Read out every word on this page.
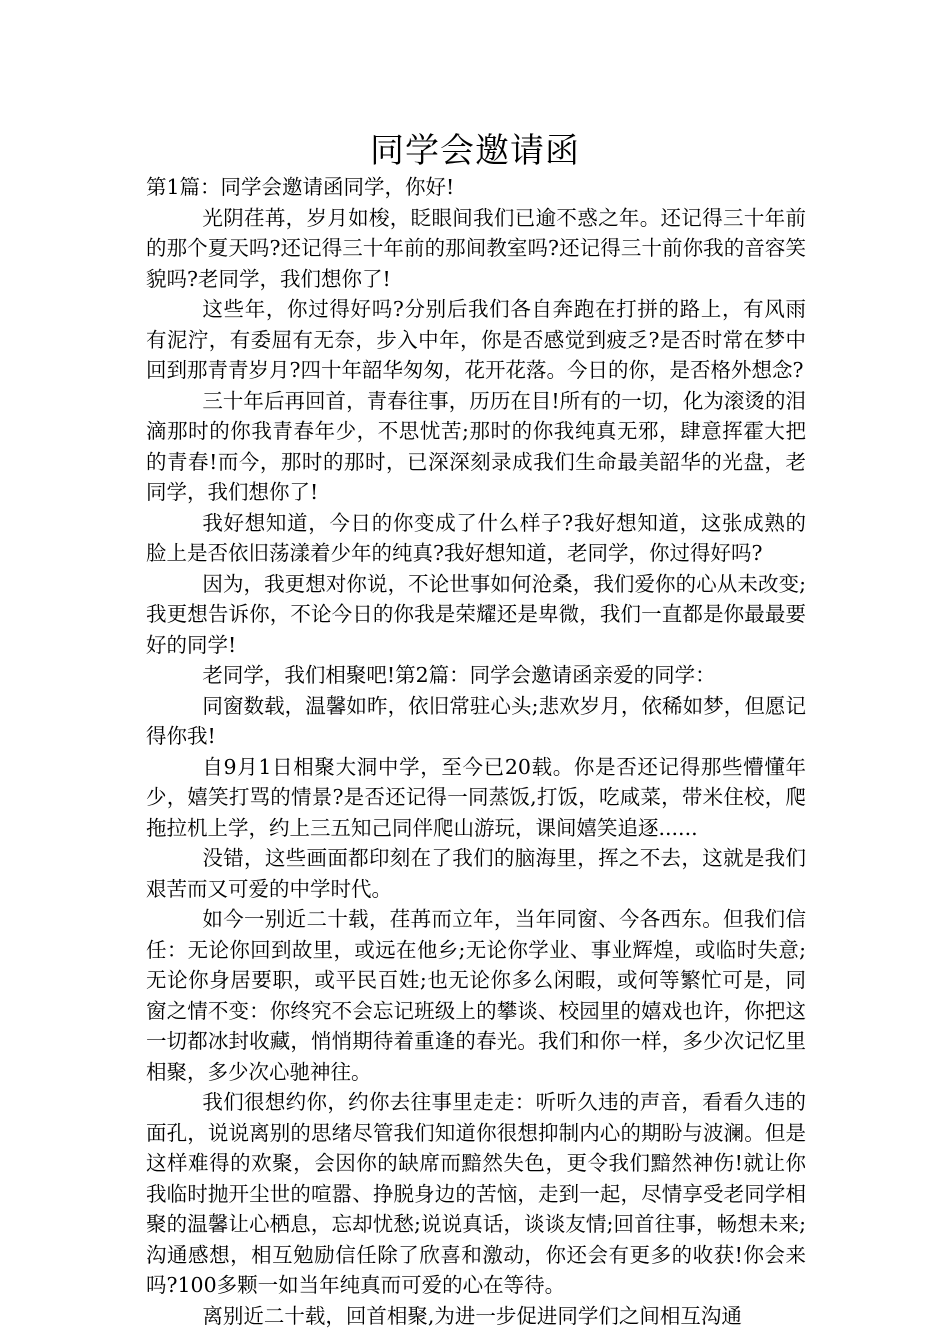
同学会邀请函

第1篇：同学会邀请函同学，你好!

光阴荏苒，岁月如梭，眨眼间我们已逾不惑之年。还记得三十年前的那个夏天吗?还记得三十年前的那间教室吗?还记得三十前你我的音容笑貌吗?老同学，我们想你了!

这些年，你过得好吗?分别后我们各自奔跑在打拼的路上，有风雨有泥泞，有委屈有无奈，步入中年，你是否感觉到疲乏?是否时常在梦中回到那青青岁月?四十年韶华匆匆，花开花落。今日的你，是否格外想念?

三十年后再回首，青春往事，历历在目!所有的一切，化为滚烫的泪滴那时的你我青春年少，不思忧苦;那时的你我纯真无邪，肆意挥霍大把的青春!而今，那时的那时，已深深刻录成我们生命最美韶华的光盘，老同学，我们想你了!

我好想知道，今日的你变成了什么样子?我好想知道，这张成熟的脸上是否依旧荡漾着少年的纯真?我好想知道，老同学，你过得好吗?

因为，我更想对你说，不论世事如何沧桑，我们爱你的心从未改变;我更想告诉你，不论今日的你我是荣耀还是卑微，我们一直都是你最最要好的同学!

老同学，我们相聚吧!第2篇：同学会邀请函亲爱的同学：

同窗数载，温馨如昨，依旧常驻心头;悲欢岁月，依稀如梦，但愿记得你我!

自9月1日相聚大洞中学，至今已20载。你是否还记得那些懵懂年少，嬉笑打骂的情景?是否还记得一同蒸饭,打饭，吃咸菜，带米住校，爬拖拉机上学，约上三五知己同伴爬山游玩，课间嬉笑追逐......

没错，这些画面都印刻在了我们的脑海里，挥之不去，这就是我们艰苦而又可爱的中学时代。

如今一别近二十载，荏苒而立年，当年同窗、今各西东。但我们信任：无论你回到故里，或远在他乡;无论你学业、事业辉煌，或临时失意;无论你身居要职，或平民百姓;也无论你多么闲暇，或何等繁忙可是，同窗之情不变：你终究不会忘记班级上的攀谈、校园里的嬉戏也许，你把这一切都冰封收藏，悄悄期待着重逢的春光。我们和你一样，多少次记忆里相聚，多少次心驰神往。

我们很想约你，约你去往事里走走：听听久违的声音，看看久违的面孔，说说离别的思绪尽管我们知道你很想抑制内心的期盼与波澜。但是这样难得的欢聚，会因你的缺席而黯然失色，更令我们黯然神伤!就让你我临时抛开尘世的喧嚣、挣脱身边的苦恼，走到一起，尽情享受老同学相聚的温馨让心栖息，忘却忧愁;说说真话，谈谈友情;回首往事，畅想未来;沟通感想，相互勉励信任除了欣喜和激动，你还会有更多的收获!你会来吗?100多颗一如当年纯真而可爱的心在等待。

离别近二十载，回首相聚,为进一步促进同学们之间相互沟通
